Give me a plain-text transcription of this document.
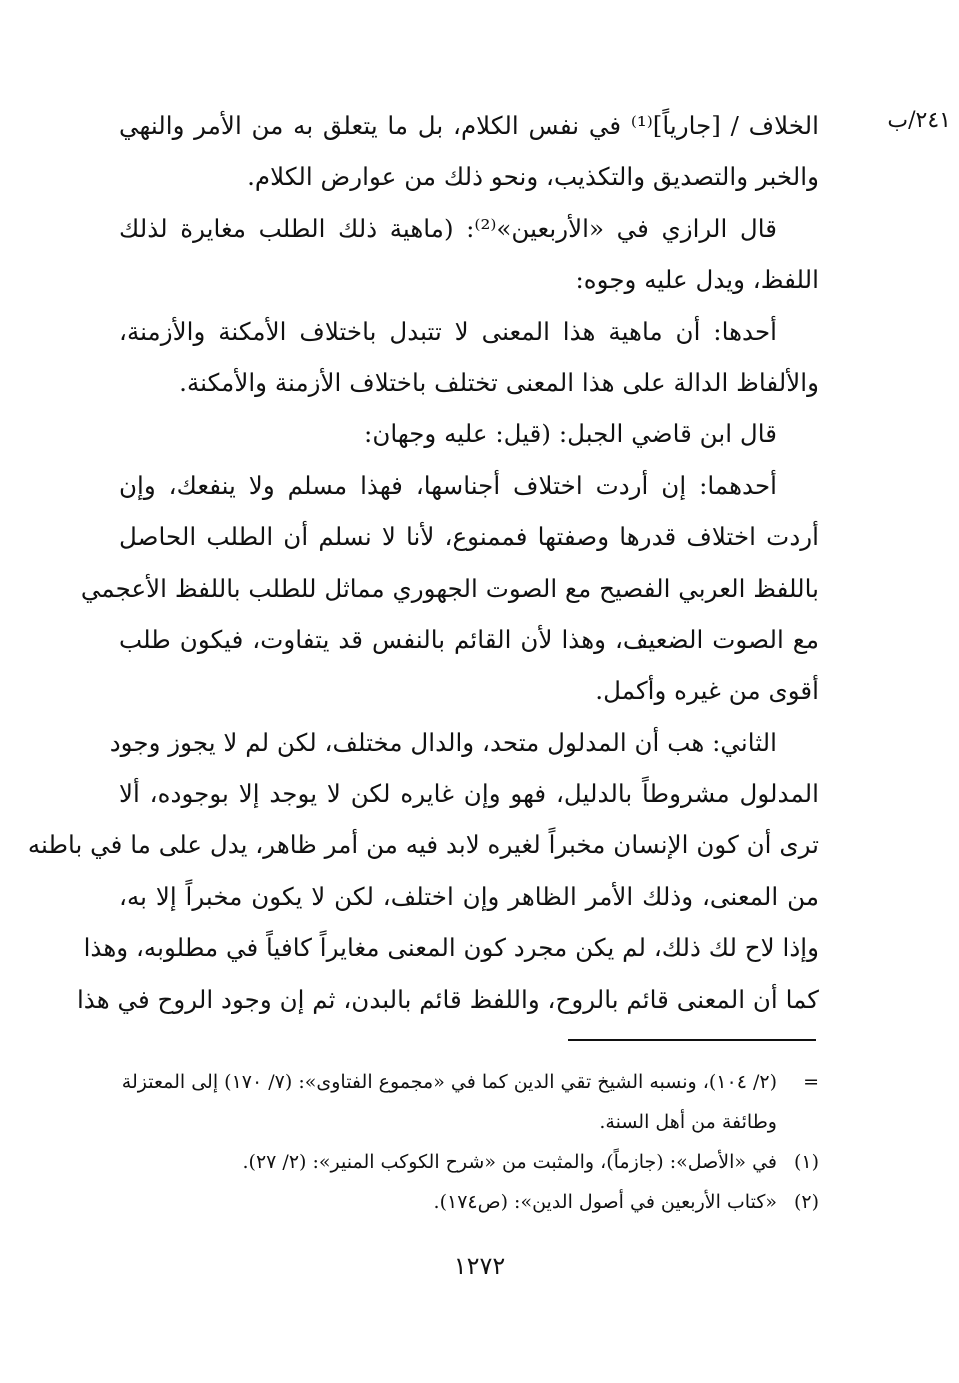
٢٤١/ب
الخلاف / [جارياً]⁽¹⁾ في نفس الكلام، بل ما يتعلق به من الأمر والنهي
والخبر والتصديق والتكذيب، ونحو ذلك من عوارض الكلام.
قال الرازي في «الأربعين»⁽²⁾: (ماهية ذلك الطلب مغايرة لذلك
اللفظ، ويدل عليه وجوه:
أحدها: أن ماهية هذا المعنى لا تتبدل باختلاف الأمكنة والأزمنة،
والألفاظ الدالة على هذا المعنى تختلف باختلاف الأزمنة والأمكنة.
قال ابن قاضي الجبل: (قيل: عليه وجهان:
أحدهما: إن أردت اختلاف أجناسها، فهذا مسلم ولا ينفعك، وإن
أردت اختلاف قدرها وصفتها فممنوع، لأنا لا نسلم أن الطلب الحاصل
باللفظ العربي الفصيح مع الصوت الجهوري مماثل للطلب باللفظ الأعجمي
مع الصوت الضعيف، وهذا لأن القائم بالنفس قد يتفاوت، فيكون طلب
أقوى من غيره وأكمل.
الثاني: هب أن المدلول متحد، والدال مختلف، لكن لم لا يجوز وجود
المدلول مشروطاً بالدليل، فهو وإن غايره لكن لا يوجد إلا بوجوده، ألا
ترى أن كون الإنسان مخبراً لغيره لابد فيه من أمر ظاهر، يدل على ما في باطنه
من المعنى، وذلك الأمر الظاهر وإن اختلف، لكن لا يكون مخبراً إلا به،
وإذا لاح لك ذلك، لم يكن مجرد كون المعنى مغايراً كافياً في مطلوبه، وهذا
كما أن المعنى قائم بالروح، واللفظ قائم بالبدن، ثم إن وجود الروح في هذا
=
(٢/ ١٠٤)، ونسبه الشيخ تقي الدين كما في «مجموع الفتاوى»: (٧/ ١٧٠) إلى المعتزلة
وطائفة من أهل السنة.
(١)
في «الأصل»: (جازماً)، والمثبت من «شرح الكوكب المنير»: (٢/ ٢٧).
(٢)
«كتاب الأربعين في أصول الدين»: (ص١٧٤).
١٢٧٢
